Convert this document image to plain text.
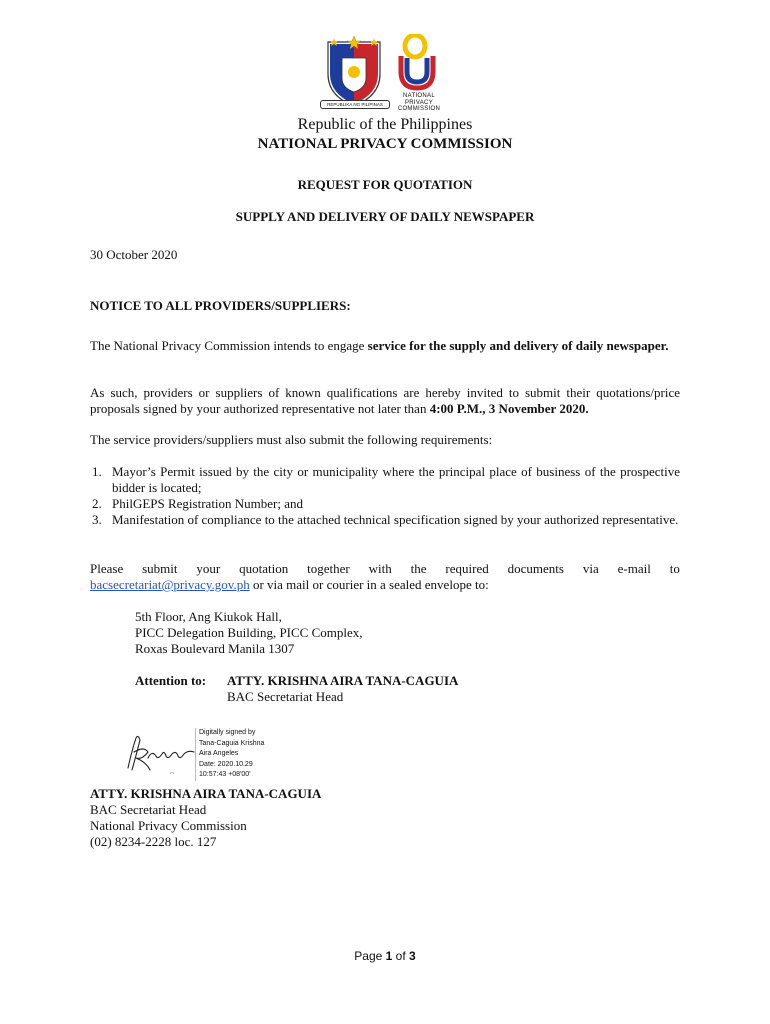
REPUBLIKA NG PILIPINAS
NATIONAL
PRIVACY
COMMISSION
Republic of the Philippines
NATIONAL PRIVACY COMMISSION
REQUEST FOR QUOTATION
SUPPLY AND DELIVERY OF DAILY NEWSPAPER
30 October 2020
NOTICE TO ALL PROVIDERS/SUPPLIERS:
The National Privacy Commission intends to engage service for the supply and delivery of daily newspaper.
As such, providers or suppliers of known qualifications are hereby invited to submit their quotations/price proposals signed by your authorized representative not later than 4:00 P.M., 3 November 2020.
The service providers/suppliers must also submit the following requirements:
1. Mayor’s Permit issued by the city or municipality where the principal place of business of the prospective bidder is located;
2. PhilGEPS Registration Number; and
3. Manifestation of compliance to the attached technical specification signed by your authorized representative.
Please submit your quotation together with the required documents via e-mail to
bacsecretariat@privacy.gov.ph or via mail or courier in a sealed envelope to:
5th Floor, Ang Kiukok Hall,
PICC Delegation Building, PICC Complex,
Roxas Boulevard Manila 1307
Attention to: ATTY. KRISHNA AIRA TANA-CAGUIA
BAC Secretariat Head
Digitally signed by
Tana-Caguia Krishna
Aira Angeles
Date: 2020.10.29
10:57:43 +08'00'
ATTY. KRISHNA AIRA TANA-CAGUIA
BAC Secretariat Head
National Privacy Commission
(02) 8234-2228 loc. 127
Page 1 of 3
